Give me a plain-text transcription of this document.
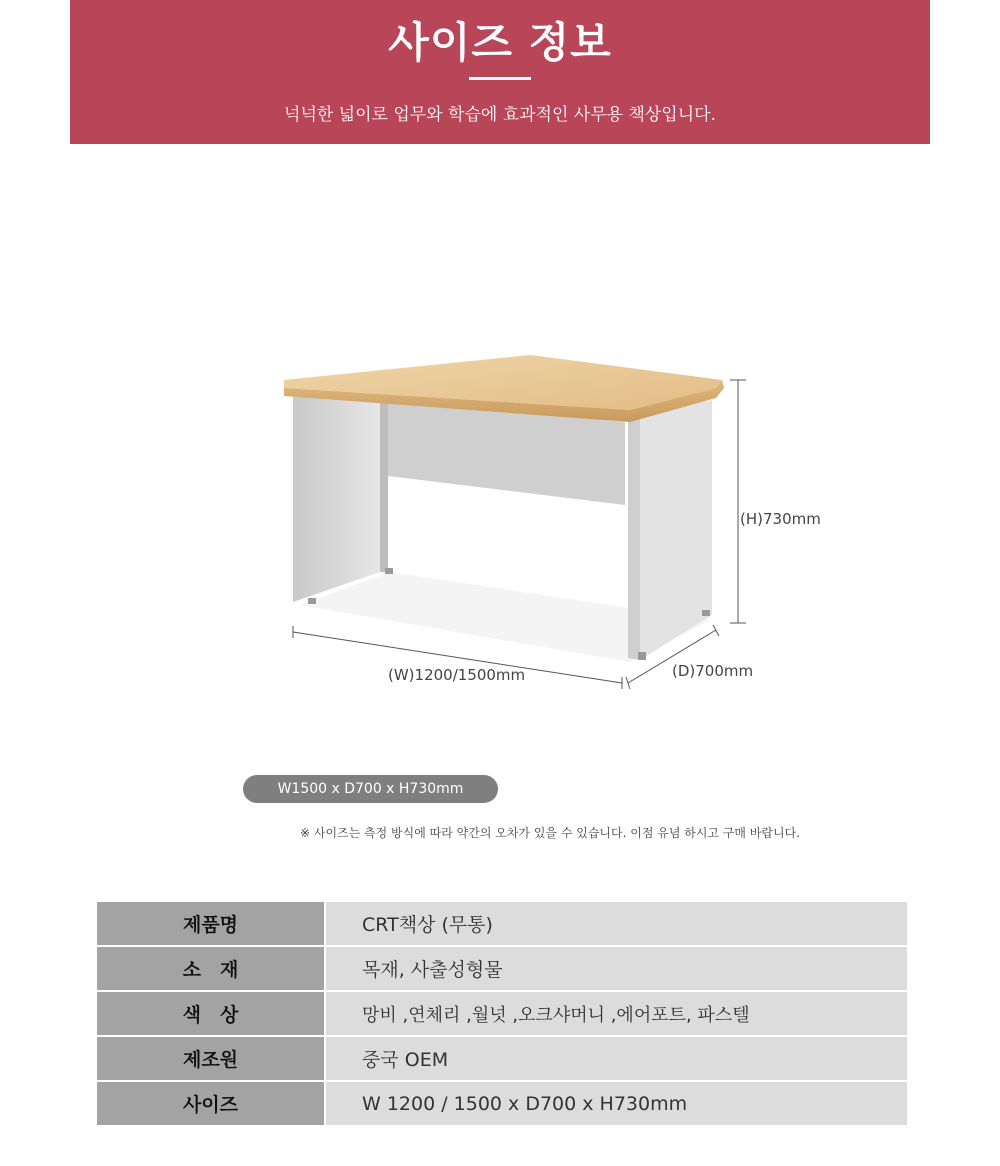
사이즈 정보
넉넉한 넓이로 업무와 학습에 효과적인 사무용 책상입니다.
(H)730mm
(W)1200/1500mm	(D)700mm
W1500 x D700 x H730mm
※ 사이즈는 측정 방식에 따라 약간의 오차가 있을 수 있습니다. 이점 유념 하시고 구매 바랍니다.
제품명	CRT책상 (무통)
소　재	목재, 사출성형물
색　상	망비 ,연체리 ,월넛 ,오크샤머니 ,에어포트, 파스텔
제조원	중국 OEM
사이즈	W 1200 / 1500 x D700 x H730mm
